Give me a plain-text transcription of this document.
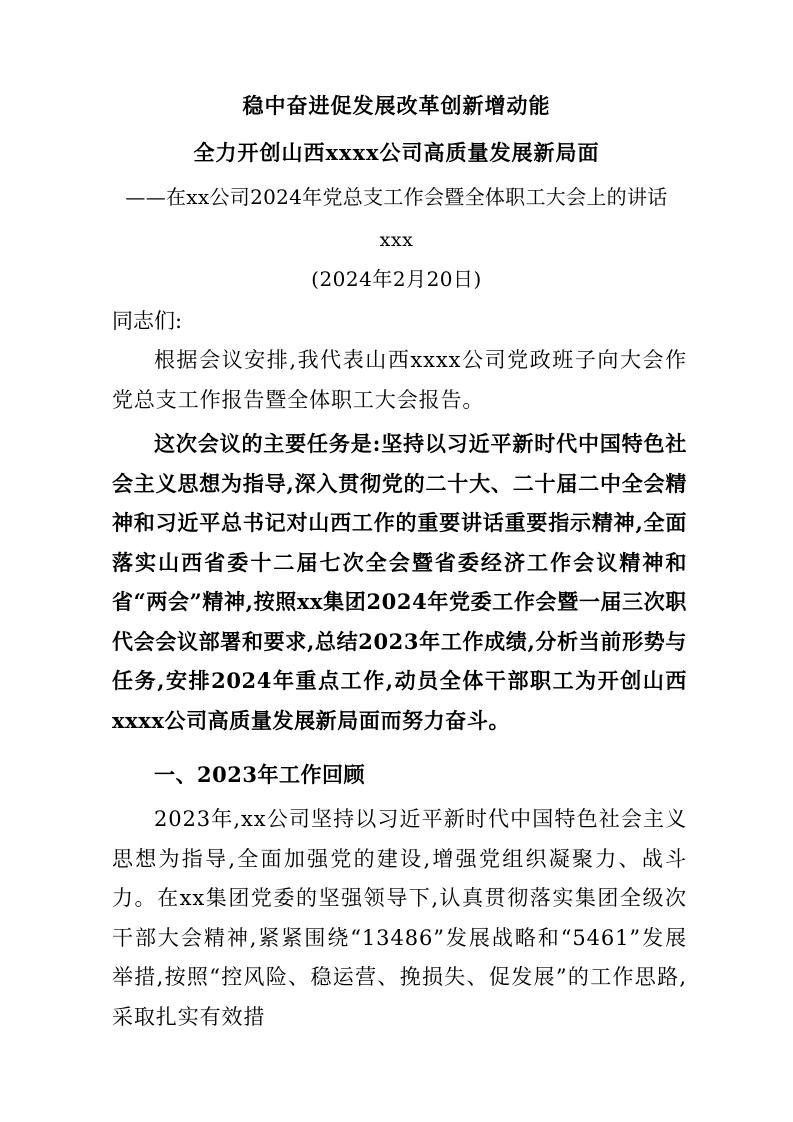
稳中奋进促发展改革创新增动能
全力开创山西xxxx公司高质量发展新局面
——在xx公司2024年党总支工作会暨全体职工大会上的讲话
xxx
(2024年2月20日)
同志们:
根据会议安排,我代表山西xxxx公司党政班子向大会作党总支工作报告暨全体职工大会报告。
这次会议的主要任务是:坚持以习近平新时代中国特色社会主义思想为指导,深入贯彻党的二十大、二十届二中全会精神和习近平总书记对山西工作的重要讲话重要指示精神,全面落实山西省委十二届七次全会暨省委经济工作会议精神和省“两会”精神,按照xx集团2024年党委工作会暨一届三次职代会会议部署和要求,总结2023年工作成绩,分析当前形势与任务,安排2024年重点工作,动员全体干部职工为开创山西xxxx公司高质量发展新局面而努力奋斗。
一、2023年工作回顾
2023年,xx公司坚持以习近平新时代中国特色社会主义思想为指导,全面加强党的建设,增强党组织凝聚力、战斗力。在xx集团党委的坚强领导下,认真贯彻落实集团全级次干部大会精神,紧紧围绕“13486”发展战略和“5461”发展举措,按照“控风险、稳运营、挽损失、促发展”的工作思路,采取扎实有效措
